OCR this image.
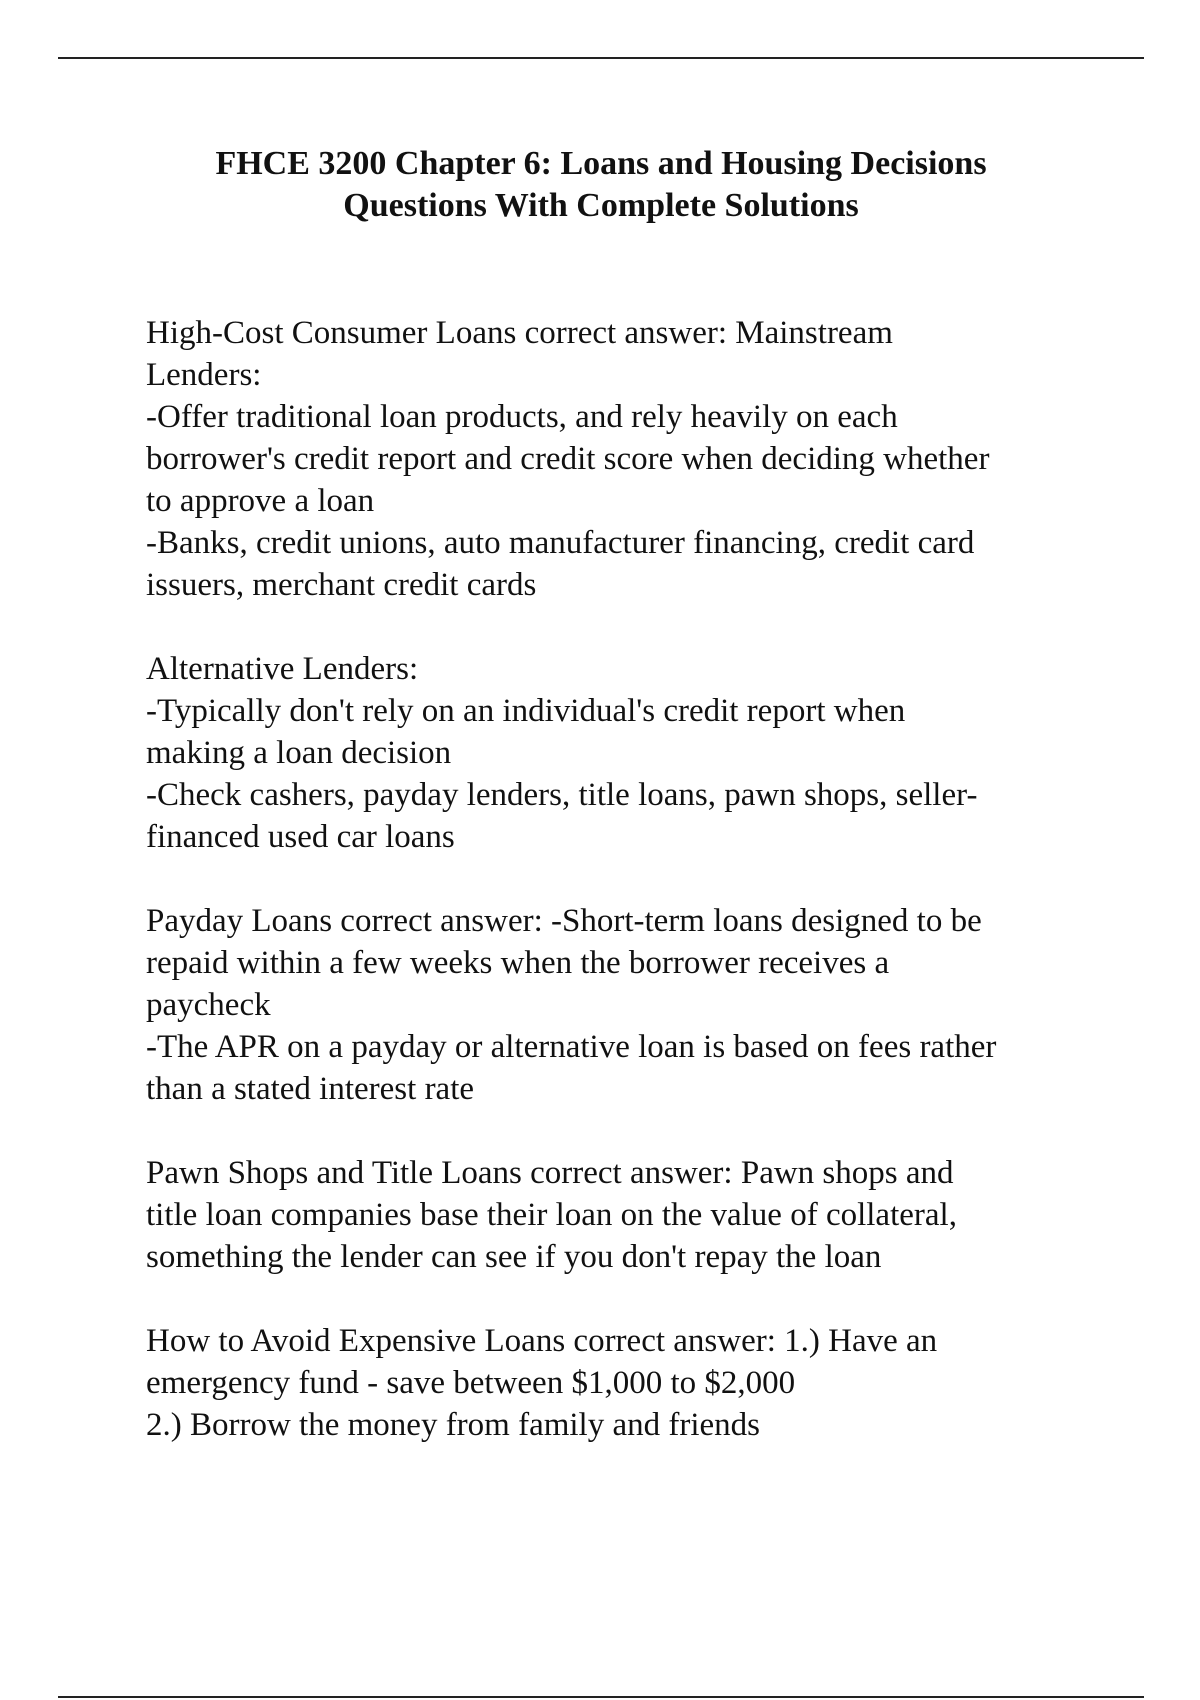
FHCE 3200 Chapter 6: Loans and Housing Decisions
Questions With Complete Solutions
High-Cost Consumer Loans correct answer: Mainstream
Lenders:
-Offer traditional loan products, and rely heavily on each
borrower's credit report and credit score when deciding whether
to approve a loan
-Banks, credit unions, auto manufacturer financing, credit card
issuers, merchant credit cards
Alternative Lenders:
-Typically don't rely on an individual's credit report when
making a loan decision
-Check cashers, payday lenders, title loans, pawn shops, seller-
financed used car loans
Payday Loans correct answer: -Short-term loans designed to be
repaid within a few weeks when the borrower receives a
paycheck
-The APR on a payday or alternative loan is based on fees rather
than a stated interest rate
Pawn Shops and Title Loans correct answer: Pawn shops and
title loan companies base their loan on the value of collateral,
something the lender can see if you don't repay the loan
How to Avoid Expensive Loans correct answer: 1.) Have an
emergency fund - save between $1,000 to $2,000
2.) Borrow the money from family and friends
